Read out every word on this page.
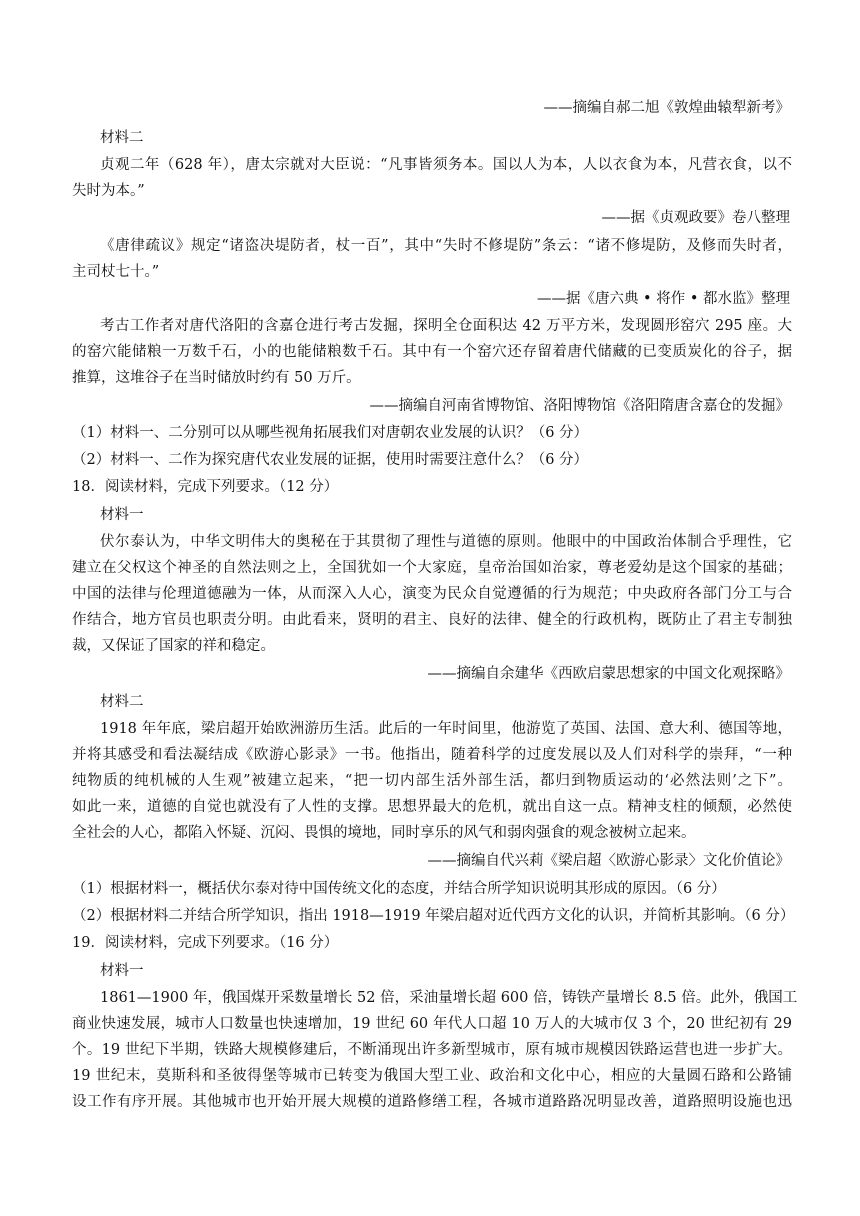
——摘编自郝二旭《敦煌曲辕犁新考》
材料二
贞观二年（628 年），唐太宗就对大臣说：“凡事皆须务本。国以人为本，人以衣食为本，凡营衣食，以不
失时为本。”
——据《贞观政要》卷八整理
《唐律疏议》规定“诸盗决堤防者，杖一百”，其中“失时不修堤防”条云：“诸不修堤防，及修而失时者，
主司杖七十。”
——据《唐六典 • 将作 • 都水监》整理
考古工作者对唐代洛阳的含嘉仓进行考古发掘，探明全仓面积达 42 万平方米，发现圆形窑穴 295 座。大
的窑穴能储粮一万数千石，小的也能储粮数千石。其中有一个窑穴还存留着唐代储藏的已变质炭化的谷子，据
推算，这堆谷子在当时储放时约有 50 万斤。
——摘编自河南省博物馆、洛阳博物馆《洛阳隋唐含嘉仓的发掘》
（1）材料一、二分别可以从哪些视角拓展我们对唐朝农业发展的认识？（6 分）
（2）材料一、二作为探究唐代农业发展的证据，使用时需要注意什么？（6 分）
18．阅读材料，完成下列要求。（12 分）
材料一
伏尔泰认为，中华文明伟大的奥秘在于其贯彻了理性与道德的原则。他眼中的中国政治体制合乎理性，它
建立在父权这个神圣的自然法则之上，全国犹如一个大家庭，皇帝治国如治家，尊老爱幼是这个国家的基础；
中国的法律与伦理道德融为一体，从而深入人心，演变为民众自觉遵循的行为规范；中央政府各部门分工与合
作结合，地方官员也职责分明。由此看来，贤明的君主、良好的法律、健全的行政机构，既防止了君主专制独
裁，又保证了国家的祥和稳定。
——摘编自余建华《西欧启蒙思想家的中国文化观探略》
材料二
1918 年年底，梁启超开始欧洲游历生活。此后的一年时间里，他游览了英国、法国、意大利、德国等地，
并将其感受和看法凝结成《欧游心影录》一书。他指出，随着科学的过度发展以及人们对科学的崇拜，“一种
纯物质的纯机械的人生观”被建立起来，“把一切内部生活外部生活，都归到物质运动的‘必然法则’之下”。
如此一来，道德的自觉也就没有了人性的支撑。思想界最大的危机，就出自这一点。精神支柱的倾颓，必然使
全社会的人心，都陷入怀疑、沉闷、畏惧的境地，同时享乐的风气和弱肉强食的观念被树立起来。
——摘编自代兴莉《梁启超〈欧游心影录〉文化价值论》
（1）根据材料一，概括伏尔泰对待中国传统文化的态度，并结合所学知识说明其形成的原因。（6 分）
（2）根据材料二并结合所学知识，指出 1918—1919 年梁启超对近代西方文化的认识，并简析其影响。（6 分）
19．阅读材料，完成下列要求。（16 分）
材料一
1861—1900 年，俄国煤开采数量增长 52 倍，采油量增长超 600 倍，铸铁产量增长 8.5 倍。此外，俄国工
商业快速发展，城市人口数量也快速增加，19 世纪 60 年代人口超 10 万人的大城市仅 3 个，20 世纪初有 29
个。19 世纪下半期，铁路大规模修建后，不断涌现出许多新型城市，原有城市规模因铁路运营也进一步扩大。
19 世纪末，莫斯科和圣彼得堡等城市已转变为俄国大型工业、政治和文化中心，相应的大量圆石路和公路铺
设工作有序开展。其他城市也开始开展大规模的道路修缮工程，各城市道路路况明显改善，道路照明设施也迅
